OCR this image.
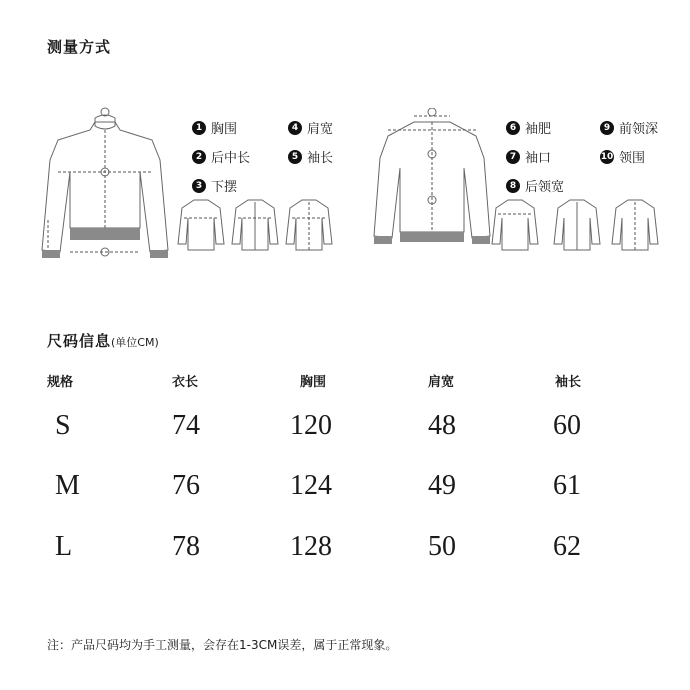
测量方式
1 胸围	4 肩宽
2 后中长	5 袖长
3 下摆
6 袖肥	9 前领深
7 袖口	10 领围
8 后领宽
尺码信息(单位CM)
规格	衣长	胸围	肩宽	袖长
S	74	120	48	60
M	76	124	49	61
L	78	128	50	62
注：产品尺码均为手工测量，会存在1-3CM误差，属于正常现象。
